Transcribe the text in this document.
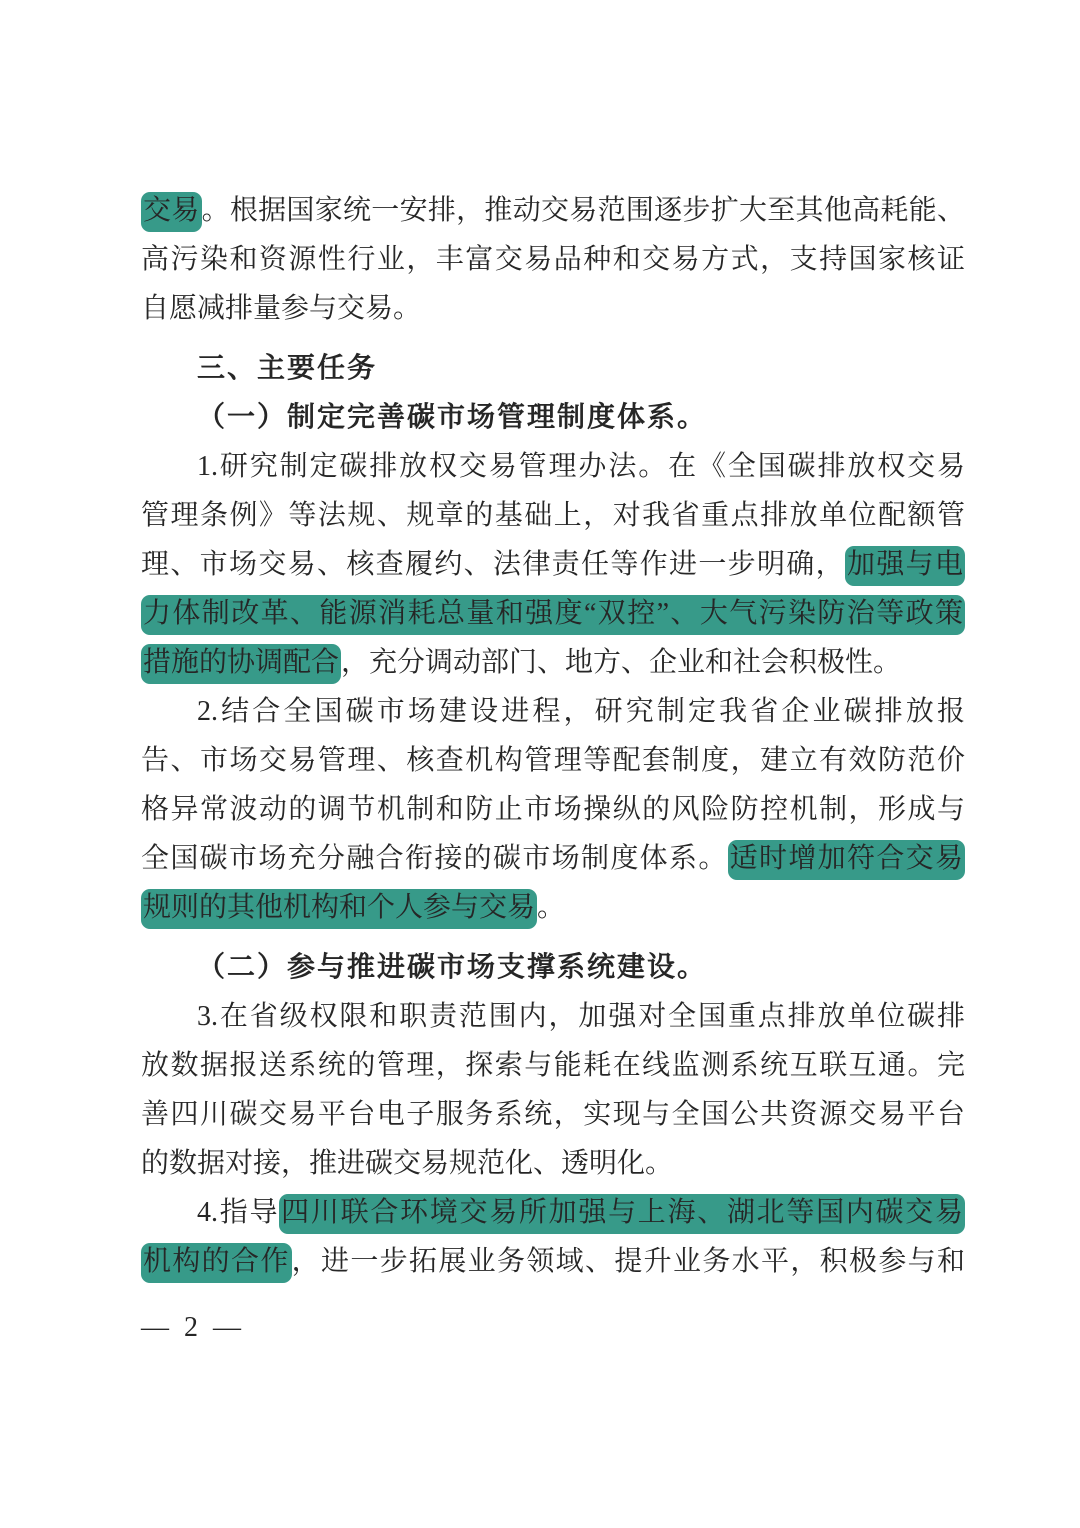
交易。根据国家统一安排，推动交易范围逐步扩大至其他高耗能、
高污染和资源性行业，丰富交易品种和交易方式，支持国家核证
自愿减排量参与交易。
三、主要任务
（一）制定完善碳市场管理制度体系。
1.研究制定碳排放权交易管理办法。在《全国碳排放权交易
管理条例》等法规、规章的基础上，对我省重点排放单位配额管
理、市场交易、核查履约、法律责任等作进一步明确，加强与电
力体制改革、能源消耗总量和强度“双控”、大气污染防治等政策
措施的协调配合，充分调动部门、地方、企业和社会积极性。
2.结合全国碳市场建设进程，研究制定我省企业碳排放报
告、市场交易管理、核查机构管理等配套制度，建立有效防范价
格异常波动的调节机制和防止市场操纵的风险防控机制，形成与
全国碳市场充分融合衔接的碳市场制度体系。适时增加符合交易
规则的其他机构和个人参与交易。
（二）参与推进碳市场支撑系统建设。
3.在省级权限和职责范围内，加强对全国重点排放单位碳排
放数据报送系统的管理，探索与能耗在线监测系统互联互通。完
善四川碳交易平台电子服务系统，实现与全国公共资源交易平台
的数据对接，推进碳交易规范化、透明化。
4.指导四川联合环境交易所加强与上海、湖北等国内碳交易
机构的合作，进一步拓展业务领域、提升业务水平，积极参与和
— 2 —
